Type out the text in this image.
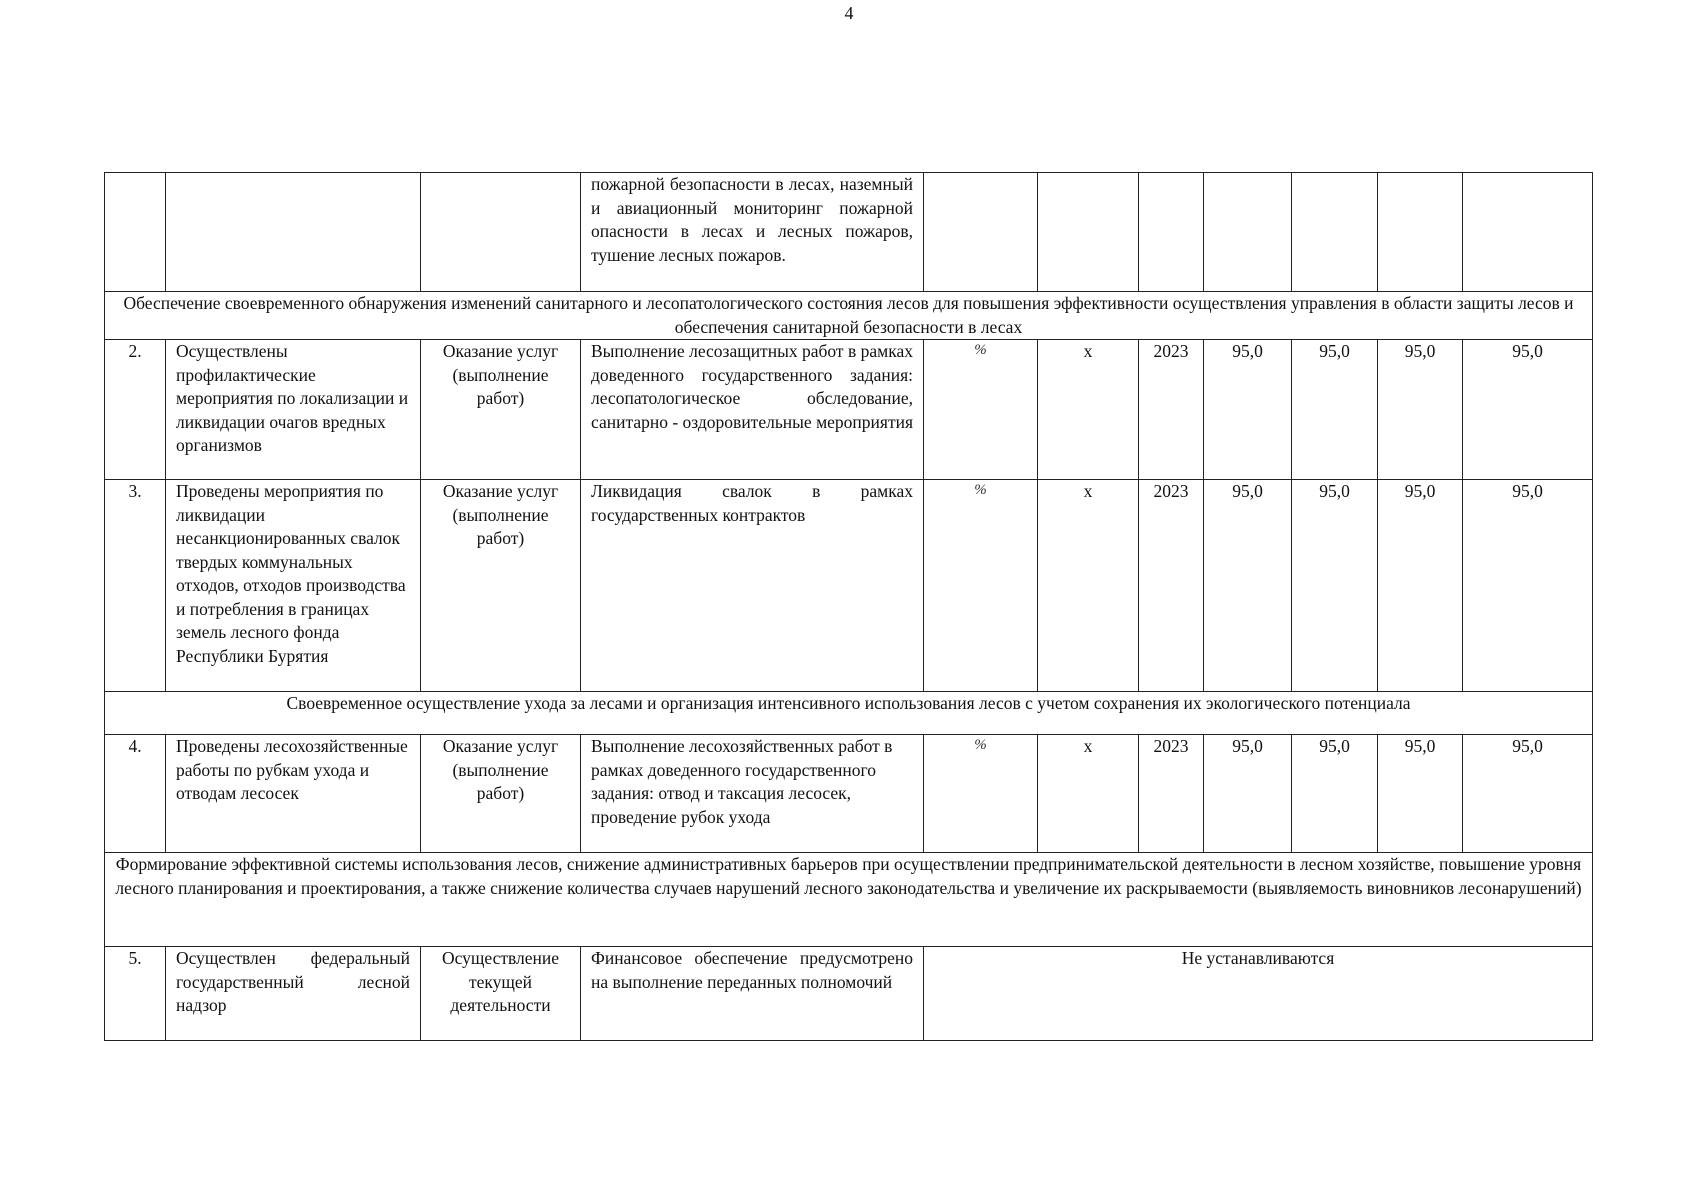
4
			пожарной безопасности в лесах, наземный и авиационный мониторинг пожарной опасности в лесах и лесных пожаров, тушение лесных пожаров.							
Обеспечение своевременного обнаружения изменений санитарного и лесопатологического состояния лесов для повышения эффективности осуществления управления в области защиты лесов и обеспечения санитарной безопасности в лесах										
2.	Осуществлены профилактические мероприятия по локализации и ликвидации очагов вредных организмов	Оказание услуг (выполнение работ)	Выполнение лесозащитных работ в рамках доведенного государственного задания: лесопатологическое обследование, санитарно - оздоровительные мероприятия	%	х	2023	95,0	95,0	95,0	95,0
3.	Проведены мероприятия по ликвидации несанкционированных свалок твердых коммунальных отходов, отходов производства и потребления в границах земель лесного фонда Республики Бурятия	Оказание услуг (выполнение работ)	Ликвидация свалок в рамках государственных контрактов	%	х	2023	95,0	95,0	95,0	95,0
Своевременное осуществление ухода за лесами и организация интенсивного использования лесов с учетом сохранения их экологического потенциала										
4.	Проведены лесохозяйственные работы по рубкам ухода и отводам лесосек	Оказание услуг (выполнение работ)	Выполнение лесохозяйственных работ в рамках доведенного государственного задания: отвод и таксация лесосек, проведение рубок ухода	%	х	2023	95,0	95,0	95,0	95,0
Формирование эффективной системы использования лесов, снижение административных барьеров при осуществлении предпринимательской деятельности в лесном хозяйстве, повышение уровня лесного планирования и проектирования, а также снижение количества случаев нарушений лесного законодательства и увеличение их раскрываемости (выявляемость виновников лесонарушений)										
5.	Осуществлен федеральный государственный лесной надзор	Осуществление текущей деятельности	Финансовое обеспечение предусмотрено на выполнение переданных полномочий	Не устанавливаются						
